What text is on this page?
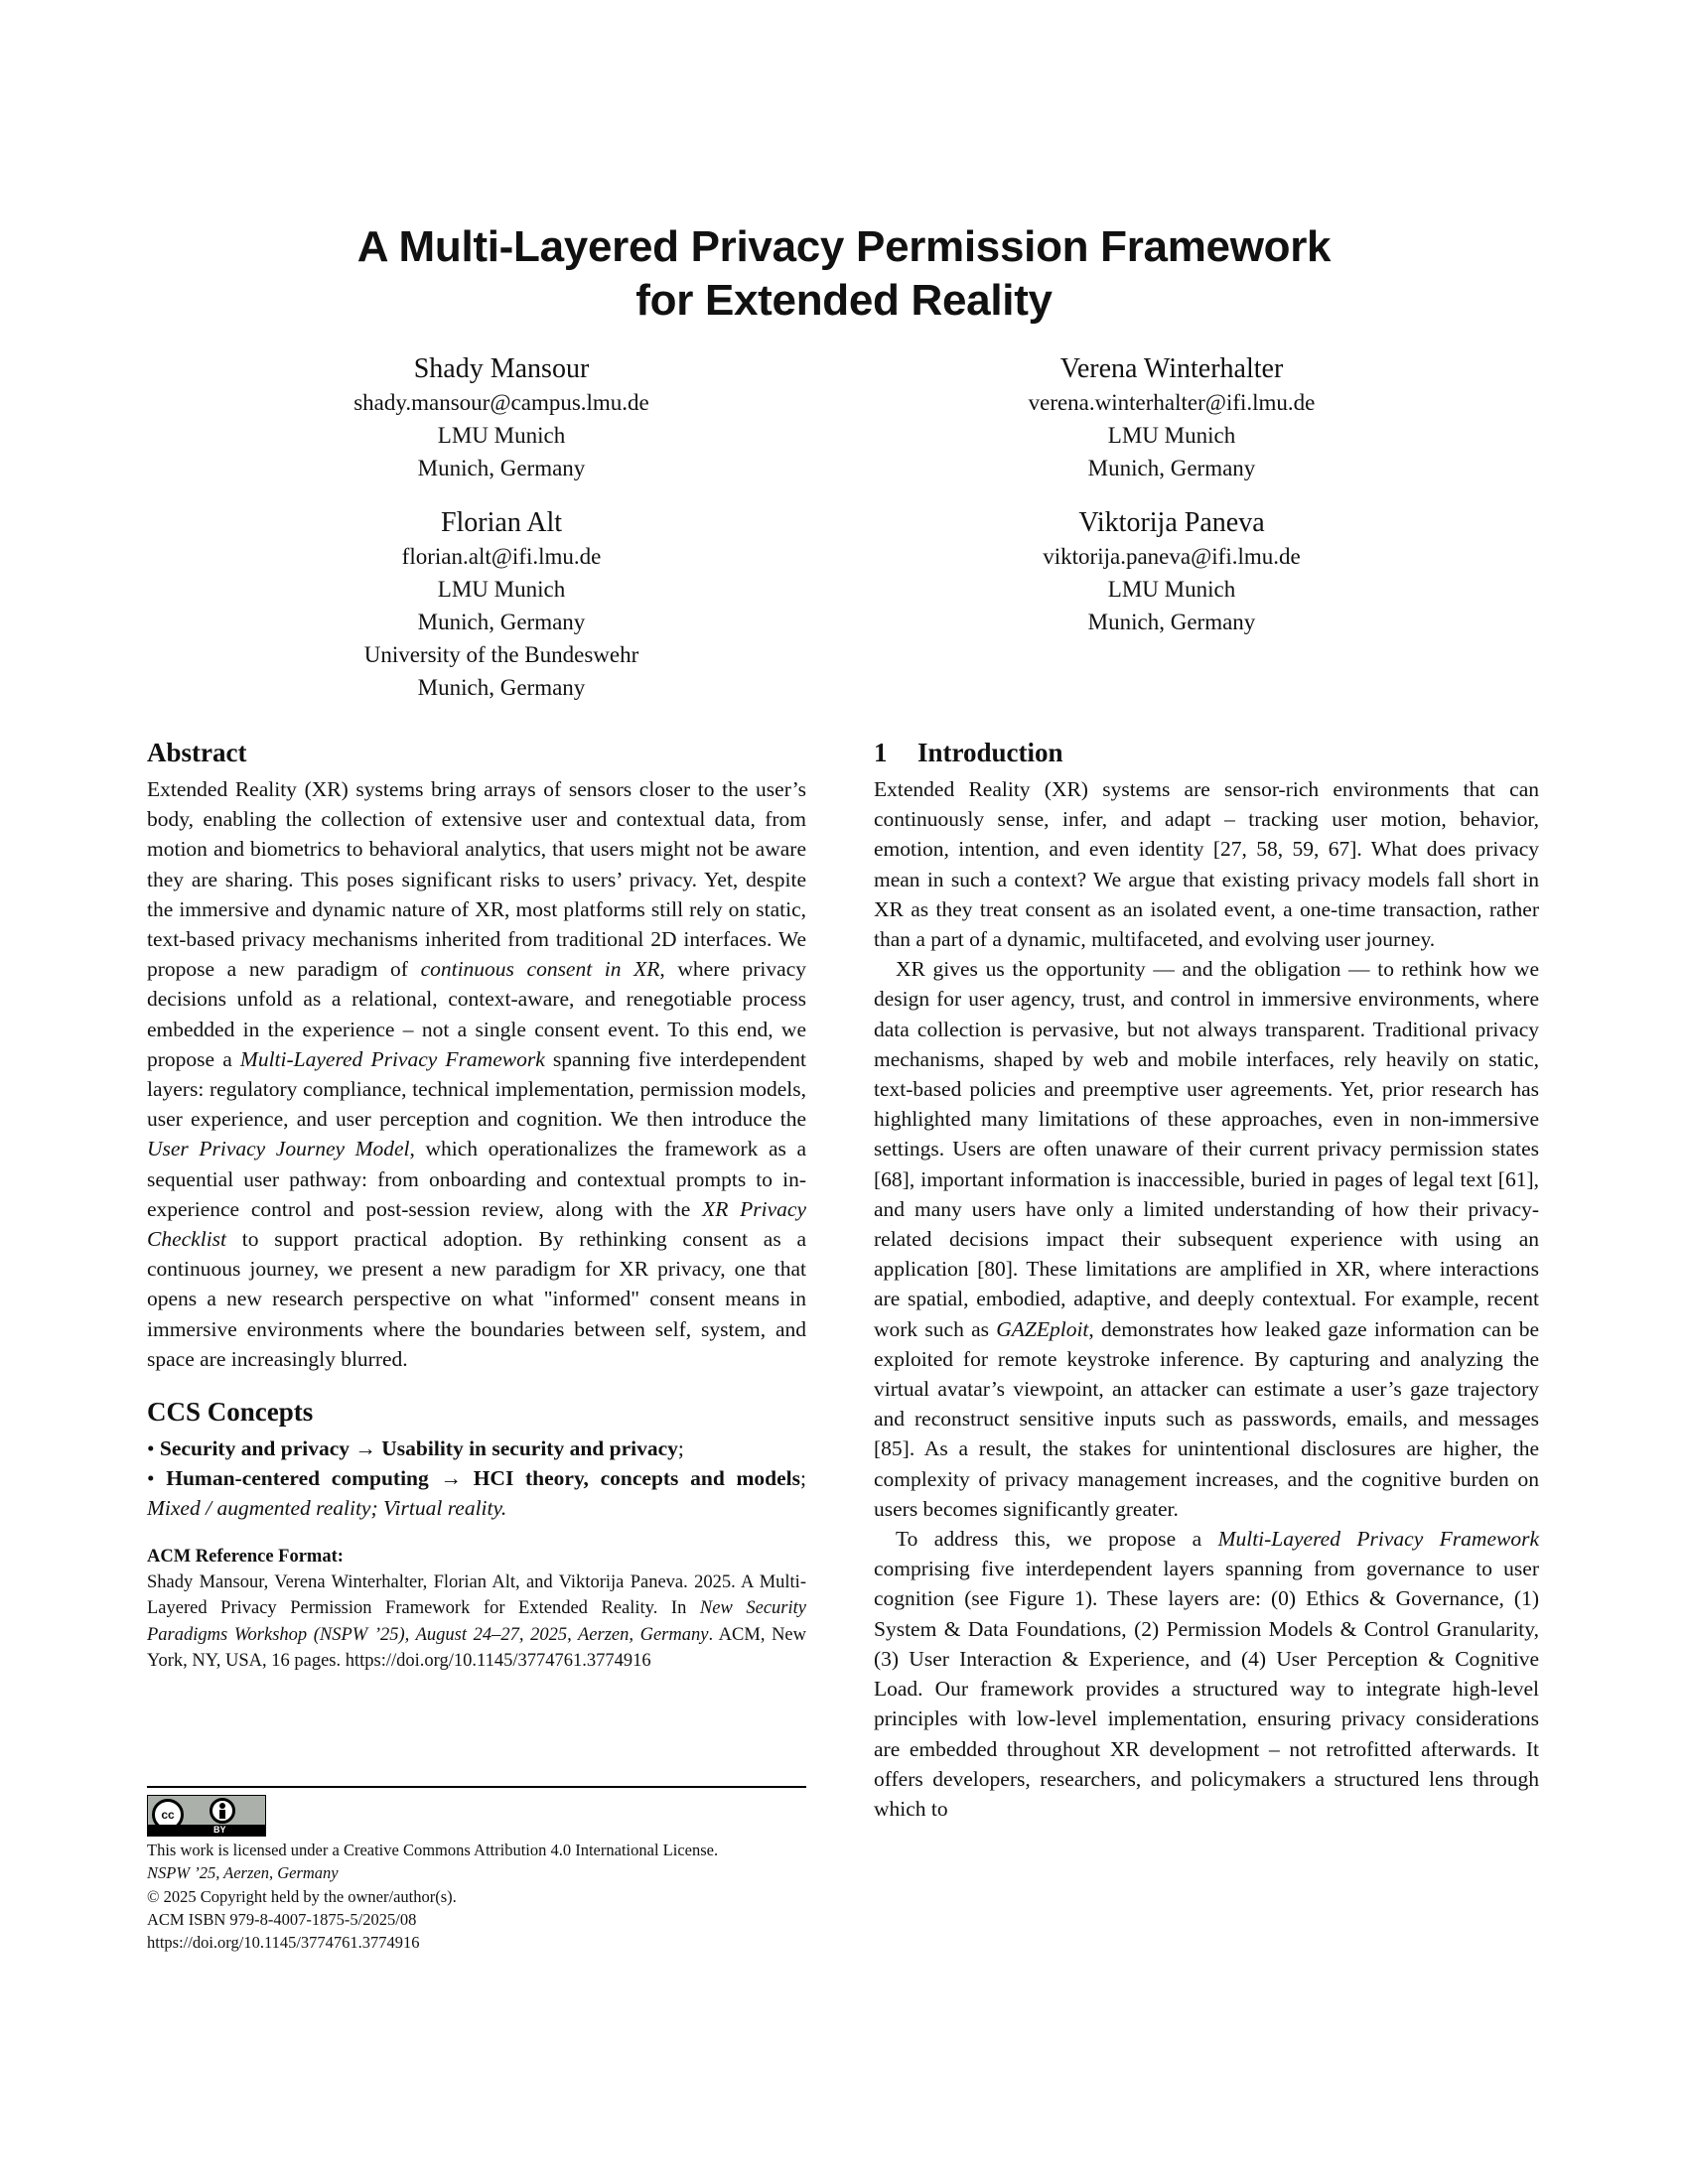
A Multi-Layered Privacy Permission Framework
for Extended Reality
Shady Mansour
shady.mansour@campus.lmu.de
LMU Munich
Munich, Germany
Florian Alt
florian.alt@ifi.lmu.de
LMU Munich
Munich, Germany
University of the Bundeswehr
Munich, Germany
Verena Winterhalter
verena.winterhalter@ifi.lmu.de
LMU Munich
Munich, Germany
Viktorija Paneva
viktorija.paneva@ifi.lmu.de
LMU Munich
Munich, Germany
Abstract

Extended Reality (XR) systems bring arrays of sensors closer to the user’s body, enabling the collection of extensive user and contextual data, from motion and biometrics to behavioral analytics, that users might not be aware they are sharing. This poses significant risks to users’ privacy. Yet, despite the immersive and dynamic nature of XR, most platforms still rely on static, text-based privacy mechanisms inherited from traditional 2D interfaces. We propose a new paradigm of continuous consent in XR, where privacy decisions unfold as a relational, context-aware, and renegotiable process embedded in the experience – not a single consent event. To this end, we propose a Multi-Layered Privacy Framework spanning five interdependent layers: regulatory compliance, technical implementation, permission models, user experience, and user perception and cognition. We then introduce the User Privacy Journey Model, which operationalizes the framework as a sequential user pathway: from onboarding and contextual prompts to in-experience control and post-session review, along with the XR Privacy Checklist to support practical adoption. By rethinking consent as a continuous journey, we present a new paradigm for XR privacy, one that opens a new research perspective on what "informed" consent means in immersive environments where the boundaries between self, system, and space are increasingly blurred.

CCS Concepts
• Security and privacy → Usability in security and privacy;
• Human-centered computing → HCI theory, concepts and models; Mixed / augmented reality; Virtual reality.
ACM Reference Format:
Shady Mansour, Verena Winterhalter, Florian Alt, and Viktorija Paneva. 2025. A Multi-Layered Privacy Permission Framework for Extended Reality. In New Security Paradigms Workshop (NSPW ’25), August 24–27, 2025, Aerzen, Germany. ACM, New York, NY, USA, 16 pages. https://doi.org/10.1145/3774761.3774916
cc
BY
This work is licensed under a Creative Commons Attribution 4.0 International License.
NSPW ’25, Aerzen, Germany
© 2025 Copyright held by the owner/author(s).
ACM ISBN 979-8-4007-1875-5/2025/08
https://doi.org/10.1145/3774761.3774916
1 Introduction

Extended Reality (XR) systems are sensor-rich environments that can continuously sense, infer, and adapt – tracking user motion, behavior, emotion, intention, and even identity [27, 58, 59, 67]. What does privacy mean in such a context? We argue that existing privacy models fall short in XR as they treat consent as an isolated event, a one-time transaction, rather than a part of a dynamic, multifaceted, and evolving user journey.

XR gives us the opportunity — and the obligation — to rethink how we design for user agency, trust, and control in immersive environments, where data collection is pervasive, but not always transparent. Traditional privacy mechanisms, shaped by web and mobile interfaces, rely heavily on static, text-based policies and preemptive user agreements. Yet, prior research has highlighted many limitations of these approaches, even in non-immersive settings. Users are often unaware of their current privacy permission states [68], important information is inaccessible, buried in pages of legal text [61], and many users have only a limited understanding of how their privacy-related decisions impact their subsequent experience with using an application [80]. These limitations are amplified in XR, where interactions are spatial, embodied, adaptive, and deeply contextual. For example, recent work such as GAZEploit, demonstrates how leaked gaze information can be exploited for remote keystroke inference. By capturing and analyzing the virtual avatar’s viewpoint, an attacker can estimate a user’s gaze trajectory and reconstruct sensitive inputs such as passwords, emails, and messages [85]. As a result, the stakes for unintentional disclosures are higher, the complexity of privacy management increases, and the cognitive burden on users becomes significantly greater.

To address this, we propose a Multi-Layered Privacy Framework comprising five interdependent layers spanning from governance to user cognition (see Figure 1). These layers are: (0) Ethics & Governance, (1) System & Data Foundations, (2) Permission Models & Control Granularity, (3) User Interaction & Experience, and (4) User Perception & Cognitive Load. Our framework provides a structured way to integrate high-level principles with low-level implementation, ensuring privacy considerations are embedded throughout XR development – not retrofitted afterwards. It offers developers, researchers, and policymakers a structured lens through which to
